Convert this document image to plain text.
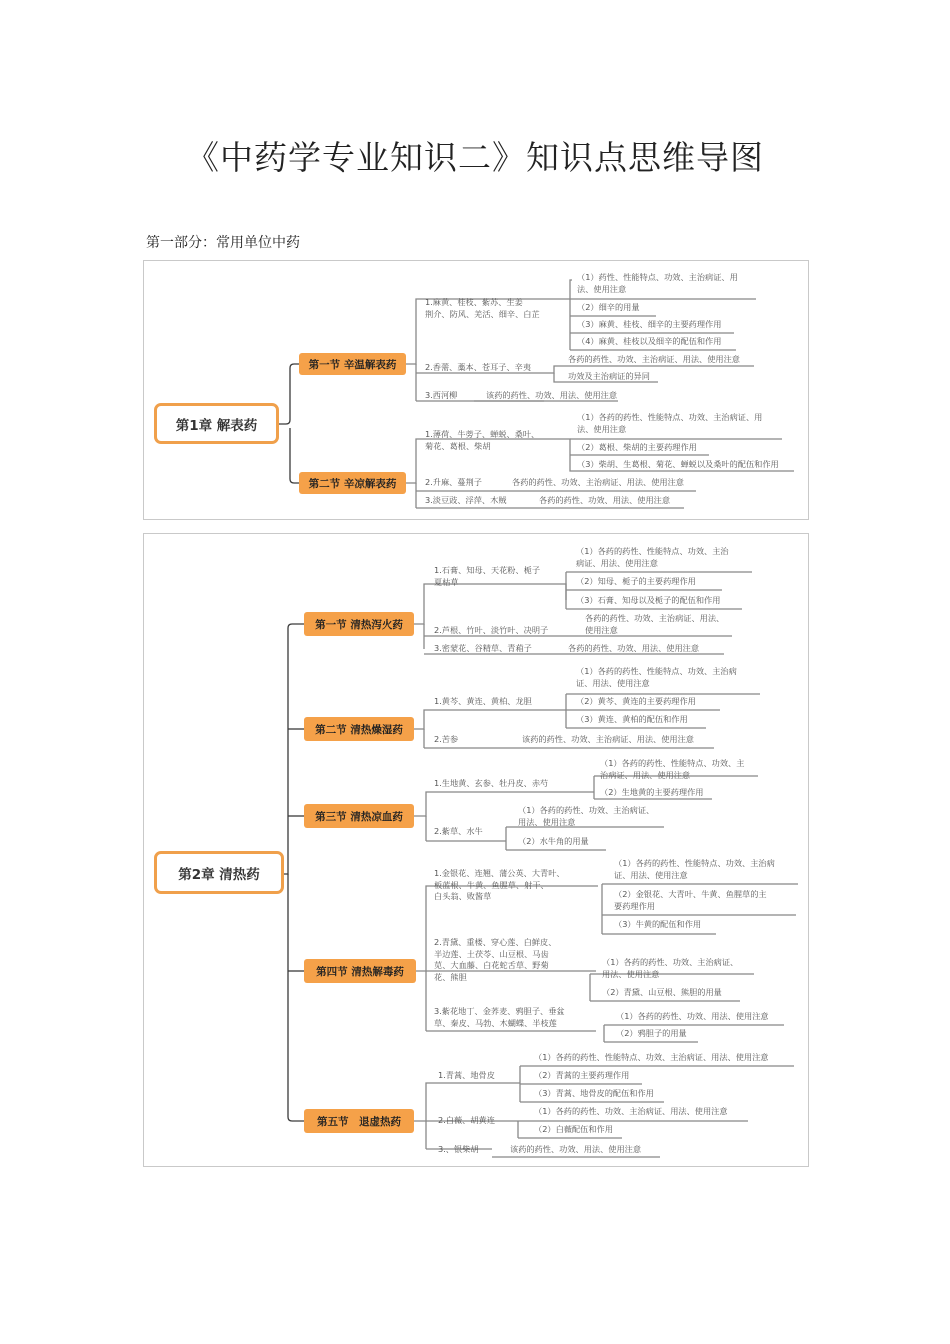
《中药学专业知识二》知识点思维导图
第一部分：常用单位中药
第1章 解表药
第一节 辛温解表药
第二节 辛凉解表药
1.麻黄、桂枝、紫苏、生姜
荆介、防风、羌活、细辛、白芷
（1）药性、性能特点、功效、主治病证、用
法、使用注意
（2）细辛的用量
（3）麻黄、桂枝、细辛的主要药理作用
（4）麻黄、桂枝以及细辛的配伍和作用
2.香薷、藁本、苍耳子、辛夷
各药的药性、功效、主治病证、用法、使用注意
功效及主治病证的异同
3.西河柳	该药的药性、功效、用法、使用注意
1.薄荷、牛蒡子、蝉蜕、桑叶、
菊花、葛根、柴胡
（1）各药的药性、性能特点、功效、主治病证、用
法、使用注意
（2）葛根、柴胡的主要药理作用
（3）柴胡、生葛根、菊花、蝉蜕以及桑叶的配伍和作用
2.升麻、蔓荆子	各药的药性、功效、主治病证、用法、使用注意
3.淡豆豉、浮萍、木贼	各药的药性、功效、用法、使用注意
第2章 清热药
第一节 清热泻火药
第二节 清热燥湿药
第三节 清热凉血药
第四节 清热解毒药
第五节　退虚热药
1.石膏、知母、天花粉、栀子
夏枯草
（1）各药的药性、性能特点、功效、主治
病证、用法、使用注意
（2）知母、栀子的主要药理作用
（3）石膏、知母以及栀子的配伍和作用
2.芦根、竹叶、淡竹叶、决明子
各药的药性、功效、主治病证、用法、
使用注意
3.密蒙花、谷精草、青葙子	各药的药性、功效、用法、使用注意
1.黄芩、黄连、黄柏、龙胆
（1）各药的药性、性能特点、功效、主治病
证、用法、使用注意
（2）黄芩、黄连的主要药理作用
（3）黄连、黄柏的配伍和作用
2.苦参	该药的药性、功效、主治病证、用法、使用注意
1.生地黄、玄参、牡丹皮、赤芍
（1）各药的药性、性能特点、功效、主
治病证、用法、使用注意
（2）生地黄的主要药理作用
2.紫草、水牛
（1）各药的药性、功效、主治病证、
用法、使用注意
（2）水牛角的用量
1.金银花、连翘、蒲公英、大青叶、
板蓝根、牛黄、鱼腥草、射干、
白头翁、败酱草
（1）各药的药性、性能特点、功效、主治病
证、用法、使用注意
（2）金银花、大青叶、牛黄、鱼腥草的主
要药理作用
（3）牛黄的配伍和作用
2.青黛、重楼、穿心莲、白鲜皮、
半边莲、土茯苓、山豆根、马齿
苋、大血藤、白花蛇舌草、野菊
花、熊胆
（1）各药的药性、功效、主治病证、
用法、使用注意
（2）青黛、山豆根、熊胆的用量
3.紫花地丁、金荞麦、鸦胆子、垂盆
草、秦皮、马勃、木蝴蝶、半枝莲
（1）各药的药性、功效、用法、使用注意
（2）鸦胆子的用量
1.青蒿、地骨皮
（1）各药的药性、性能特点、功效、主治病证、用法、使用注意
（2）青蒿的主要药理作用
（3）青蒿、地骨皮的配伍和作用
2.白薇、胡黄连
（1）各药的药性、功效、主治病证、用法、使用注意
（2）白薇配伍和作用
3.、银柴胡	该药的药性、功效、用法、使用注意
